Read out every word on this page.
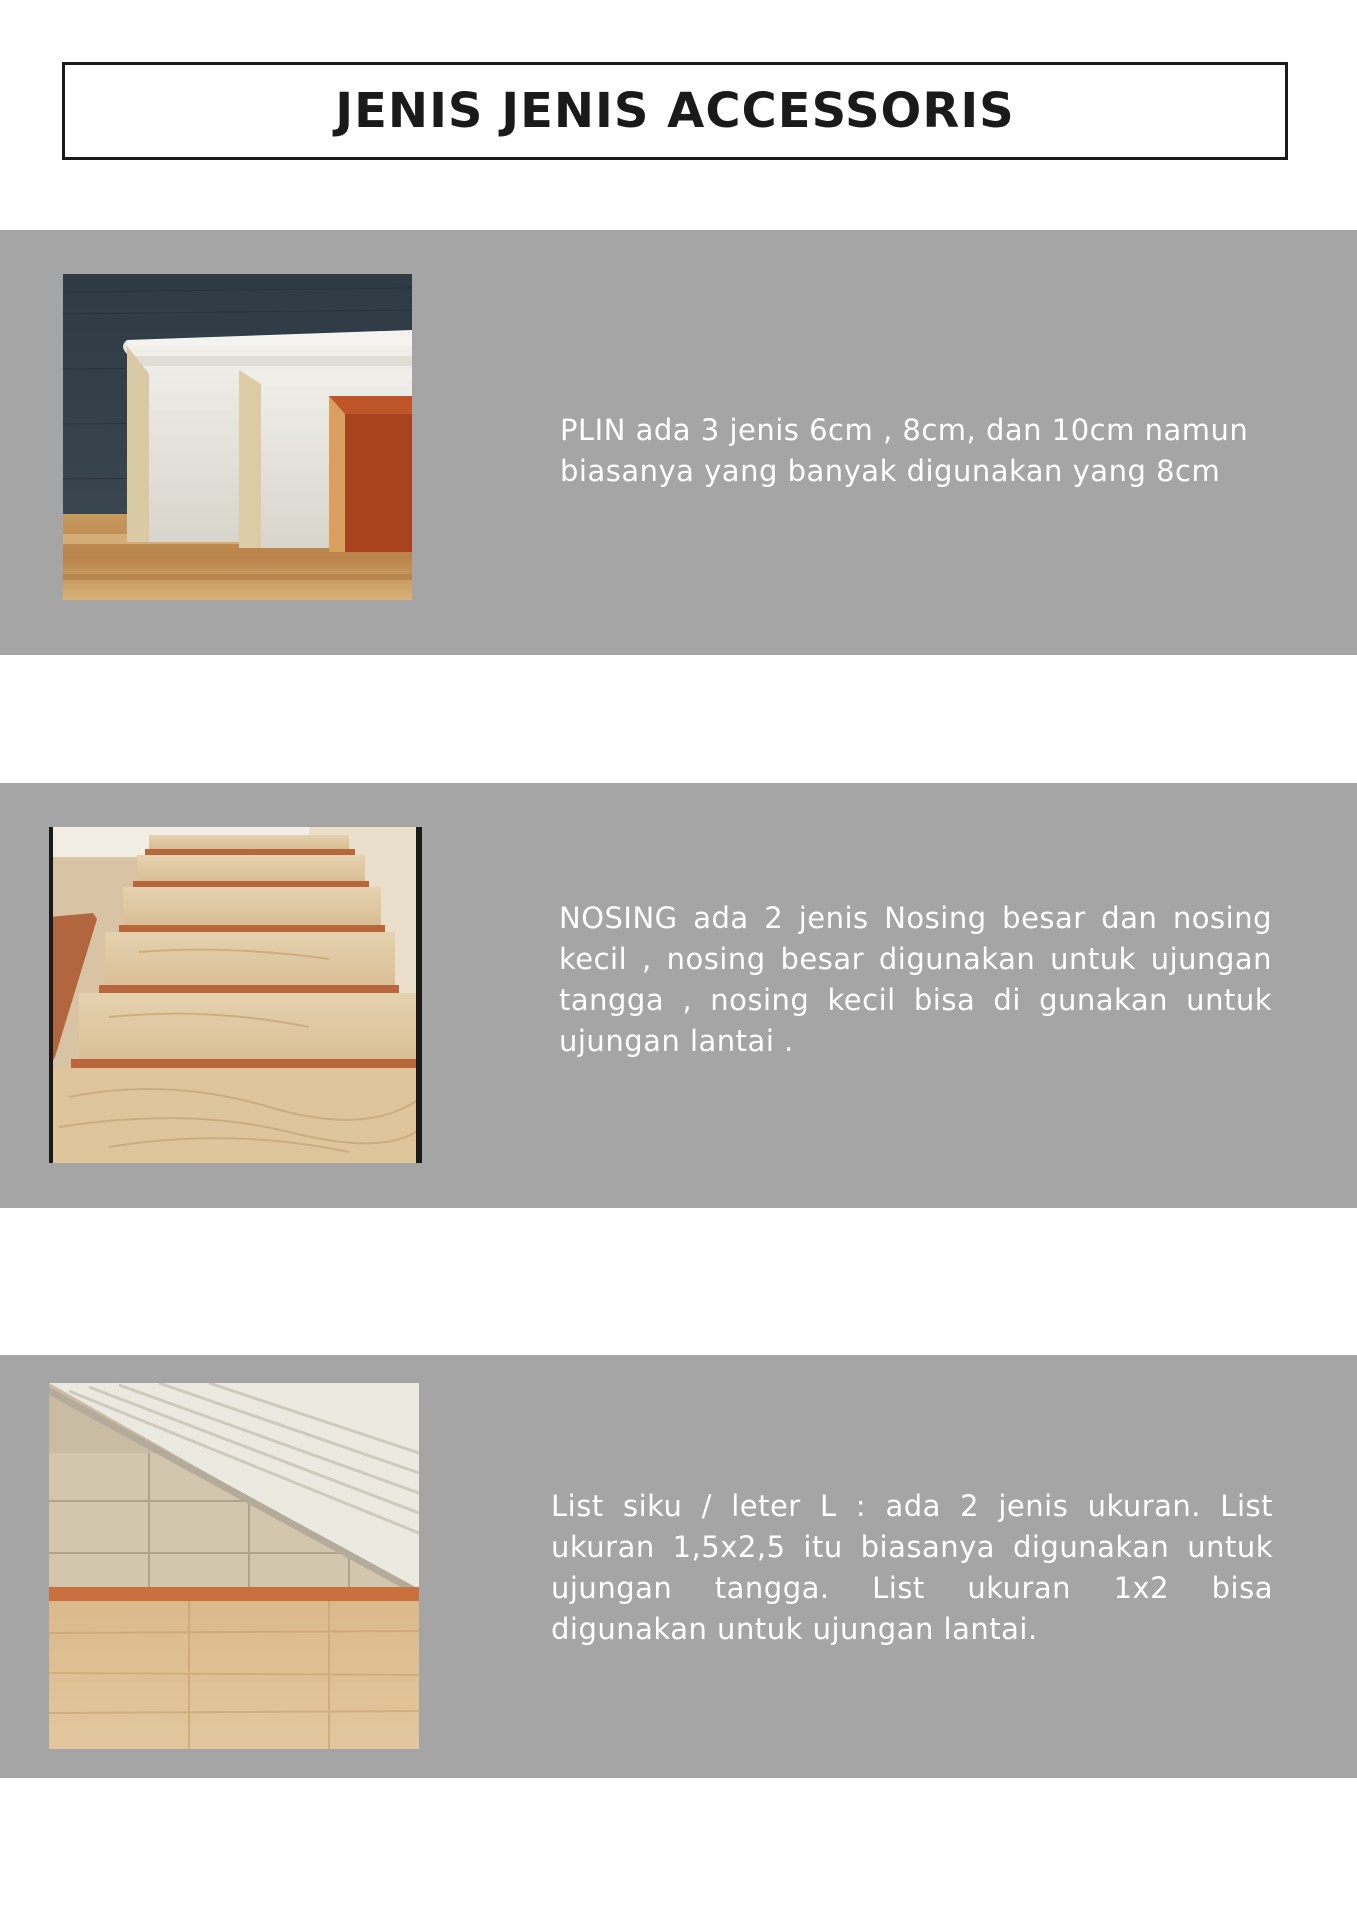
JENIS JENIS ACCESSORIS
PLIN ada 3 jenis 6cm , 8cm, dan 10cm namun biasanya yang banyak digunakan yang 8cm
NOSING ada 2 jenis Nosing besar dan nosing kecil , nosing besar digunakan untuk ujungan tangga , nosing kecil bisa di gunakan untuk ujungan lantai .
List siku / leter L : ada 2 jenis ukuran. List ukuran 1,5x2,5 itu biasanya digunakan untuk ujungan tangga. List ukuran 1x2 bisa digunakan untuk ujungan lantai.
